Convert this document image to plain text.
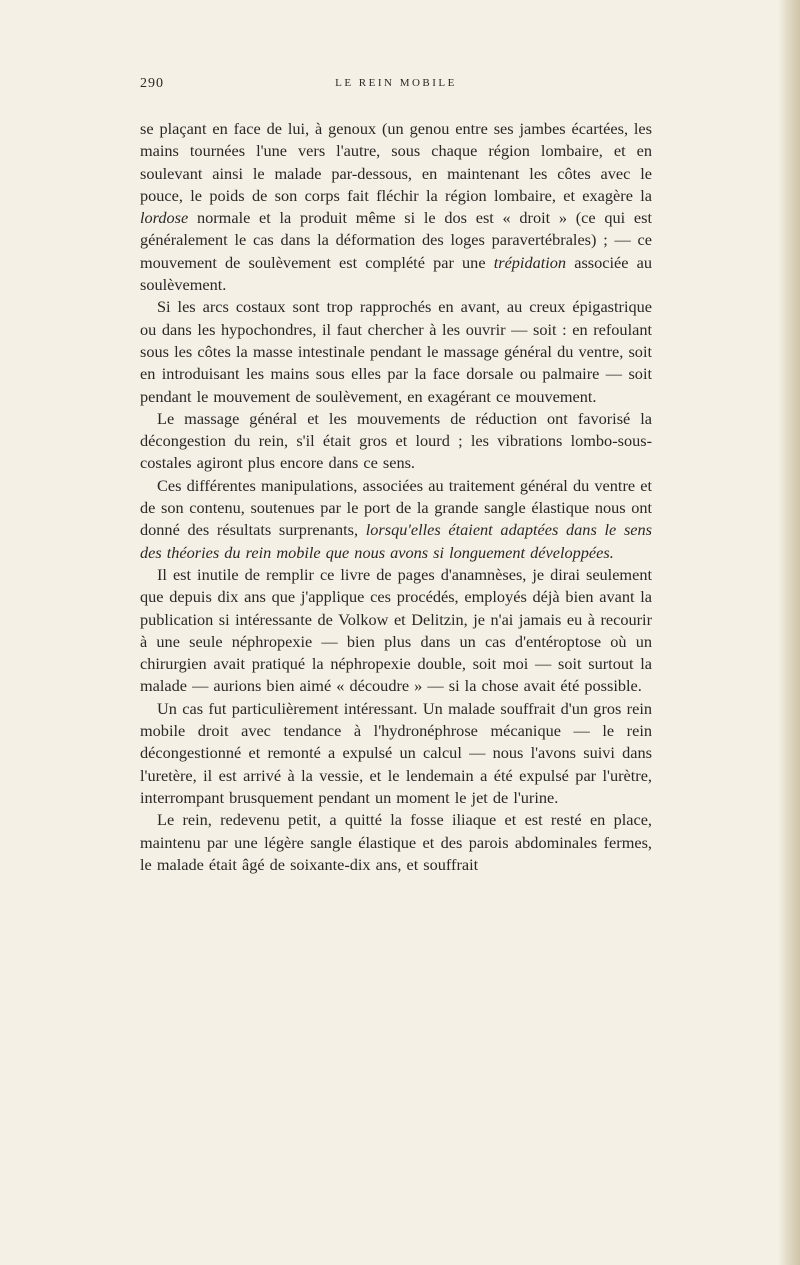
290	LE REIN MOBILE

se plaçant en face de lui, à genoux (un genou entre ses jambes écartées, les mains tournées l'une vers l'autre, sous chaque région lombaire, et en soulevant ainsi le malade par-dessous, en maintenant les côtes avec le pouce, le poids de son corps fait fléchir la région lombaire, et exagère la lordose normale et la produit même si le dos est « droit » (ce qui est généralement le cas dans la déformation des loges paravertébrales) ; — ce mouvement de soulèvement est complété par une trépidation associée au soulèvement.

Si les arcs costaux sont trop rapprochés en avant, au creux épigastrique ou dans les hypochondres, il faut chercher à les ouvrir — soit : en refoulant sous les côtes la masse intestinale pendant le massage général du ventre, soit en introduisant les mains sous elles par la face dorsale ou palmaire — soit pendant le mouvement de soulèvement, en exagérant ce mouvement.

Le massage général et les mouvements de réduction ont favorisé la décongestion du rein, s'il était gros et lourd ; les vibrations lombo-sous-costales agiront plus encore dans ce sens.

Ces différentes manipulations, associées au traitement général du ventre et de son contenu, soutenues par le port de la grande sangle élastique nous ont donné des résultats surprenants, lorsqu'elles étaient adaptées dans le sens des théories du rein mobile que nous avons si longuement développées.

Il est inutile de remplir ce livre de pages d'anamnèses, je dirai seulement que depuis dix ans que j'applique ces procédés, employés déjà bien avant la publication si intéressante de Volkow et Delitzin, je n'ai jamais eu à recourir à une seule néphropexie — bien plus dans un cas d'entéroptose où un chirurgien avait pratiqué la néphropexie double, soit moi — soit surtout la malade — aurions bien aimé « découdre » — si la chose avait été possible.

Un cas fut particulièrement intéressant. Un malade souffrait d'un gros rein mobile droit avec tendance à l'hydronéphrose mécanique — le rein décongestionné et remonté a expulsé un calcul — nous l'avons suivi dans l'uretère, il est arrivé à la vessie, et le lendemain a été expulsé par l'urètre, interrompant brusquement pendant un moment le jet de l'urine.

Le rein, redevenu petit, a quitté la fosse iliaque et est resté en place, maintenu par une légère sangle élastique et des parois abdominales fermes, le malade était âgé de soixante-dix ans, et souffrait
